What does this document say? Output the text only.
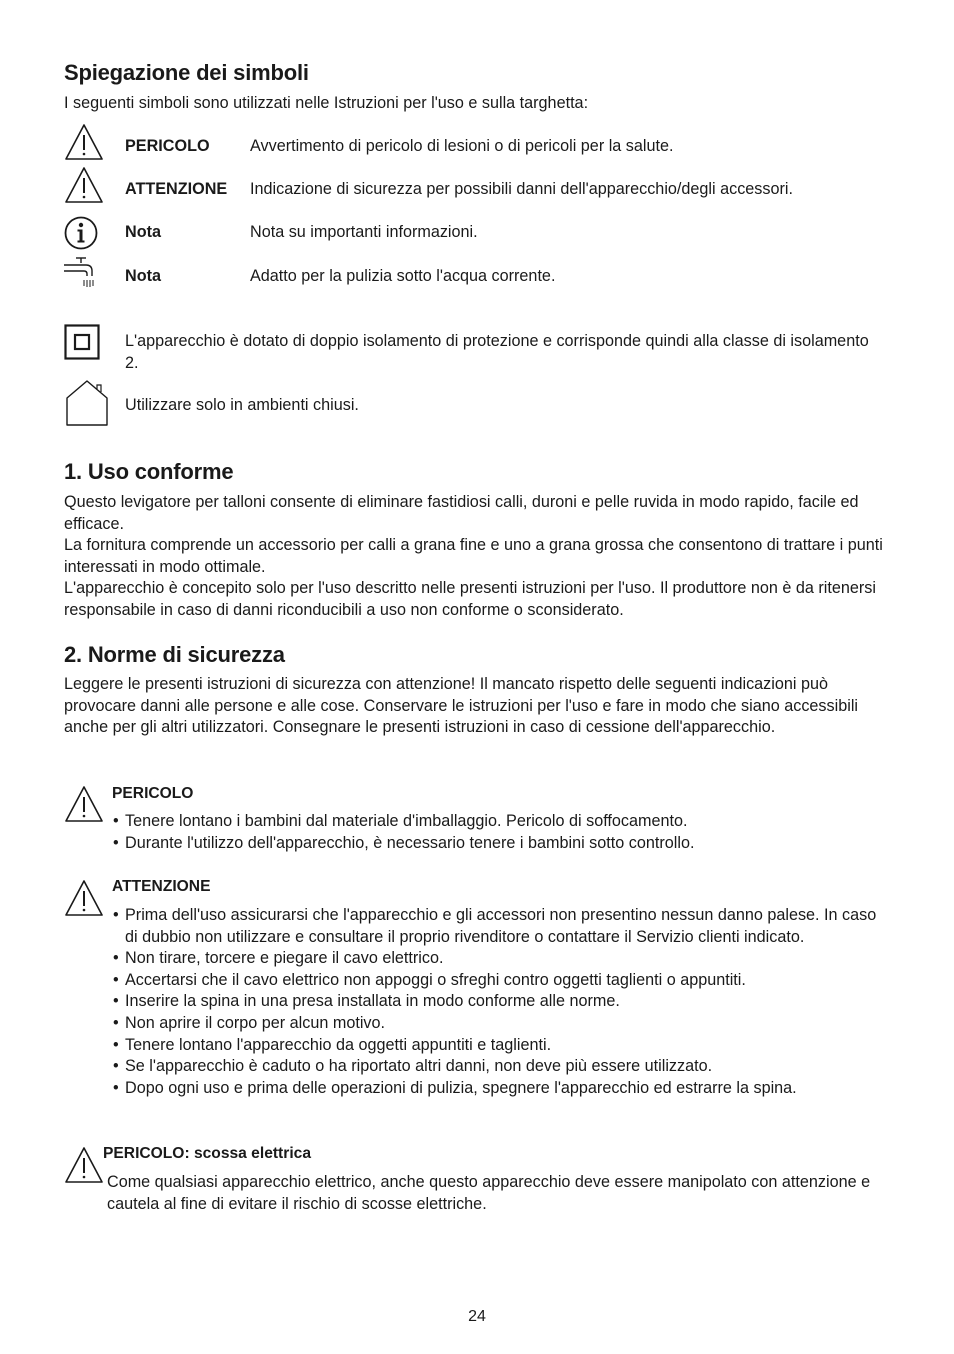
Spiegazione dei simboli
I seguenti simboli sono utilizzati nelle Istruzioni per l'uso e sulla targhetta:
PERICOLO Avvertimento di pericolo di lesioni o di pericoli per la salute.
ATTENZIONE Indicazione di sicurezza per possibili danni dell'apparecchio/degli accessori.
Nota	Nota su importanti informazioni.
Nota	Adatto per la pulizia sotto l'acqua corrente.
L'apparecchio è dotato di doppio isolamento di protezione e corrisponde quindi alla classe di isolamento 2.
Utilizzare solo in ambienti chiusi.
1. Uso conforme

Questo levigatore per talloni consente di eliminare fastidiosi calli, duroni e pelle ruvida in modo rapido, facile ed efficace.

La fornitura comprende un accessorio per calli a grana fine e uno a grana grossa che consentono di trattare i punti interessati in modo ottimale.

L'apparecchio è concepito solo per l'uso descritto nelle presenti istruzioni per l'uso. Il produttore non è da ritenersi responsabile in caso di danni riconducibili a uso non conforme o sconsiderato.

2. Norme di sicurezza
Leggere le presenti istruzioni di sicurezza con attenzione! Il mancato rispetto delle seguenti indicazioni può provocare danni alle persone e alle cose. Conservare le istruzioni per l'uso e fare in modo che siano accessibili anche per gli altri utilizzatori. Consegnare le presenti istruzioni in caso di cessione dell'apparecchio.
PERICOLO
• Tenere lontano i bambini dal materiale d'imballaggio. Pericolo di soffocamento.
• Durante l'utilizzo dell'apparecchio, è necessario tenere i bambini sotto controllo.
ATTENZIONE
• Prima dell'uso assicurarsi che l'apparecchio e gli accessori non presentino nessun danno palese. In caso di dubbio non utilizzare e consultare il proprio rivenditore o contattare il Servizio clienti indicato.
• Non tirare, torcere e piegare il cavo elettrico.
• Accertarsi che il cavo elettrico non appoggi o sfreghi contro oggetti taglienti o appuntiti.
• Inserire la spina in una presa installata in modo conforme alle norme.
• Non aprire il corpo per alcun motivo.
• Tenere lontano l'apparecchio da oggetti appuntiti e taglienti.
• Se l'apparecchio è caduto o ha riportato altri danni, non deve più essere utilizzato.
• Dopo ogni uso e prima delle operazioni di pulizia, spegnere l'apparecchio ed estrarre la spina.
PERICOLO: scossa elettrica
Come qualsiasi apparecchio elettrico, anche questo apparecchio deve essere manipolato con attenzione e cautela al fine di evitare il rischio di scosse elettriche.
24
